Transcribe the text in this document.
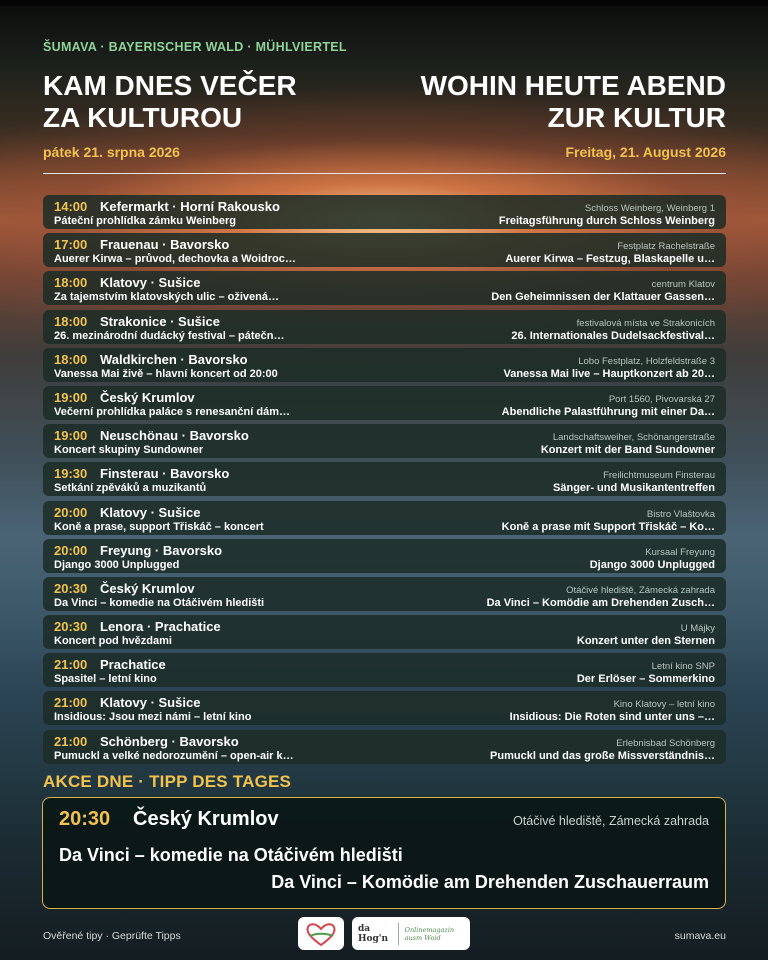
ŠUMAVA · BAYERISCHER WALD · MÜHLVIERTEL
KAM DNES VEČER
ZA KULTUROU
WOHIN HEUTE ABEND
ZUR KULTUR
pátek 21. srpna 2026	Freitag, 21. August 2026
14:00 Kefermarkt · Horní Rakousko	Schloss Weinberg, Weinberg 1
Páteční prohlídka zámku Weinberg	Freitagsführung durch Schloss Weinberg
17:00 Frauenau · Bavorsko	Festplatz Rachelstraße
Auerer Kirwa – průvod, dechovka a Woidroc…	Auerer Kirwa – Festzug, Blaskapelle u…
18:00 Klatovy · Sušice	centrum Klatov
Za tajemstvím klatovských ulic – oživená…	Den Geheimnissen der Klattauer Gassen…
18:00 Strakonice · Sušice	festivalová místa ve Strakonicích
26. mezinárodní dudácký festival – pátečn…	26. Internationales Dudelsackfestival…
18:00 Waldkirchen · Bavorsko	Lobo Festplatz, Holzfeldstraße 3
Vanessa Mai živě – hlavní koncert od 20:00	Vanessa Mai live – Hauptkonzert ab 20…
19:00 Český Krumlov	Port 1560, Pivovarská 27
Večerní prohlídka paláce s renesanční dám…	Abendliche Palastführung mit einer Da…
19:00 Neuschönau · Bavorsko	Landschaftsweiher, Schönangerstraße
Koncert skupiny Sundowner	Konzert mit der Band Sundowner
19:30 Finsterau · Bavorsko	Freilichtmuseum Finsterau
Setkání zpěváků a muzikantů	Sänger- und Musikantentreffen
20:00 Klatovy · Sušice	Bistro Vlaštovka
Koně a prase, support Třiskáč – koncert	Koně a prase mit Support Třiskáč – Ko…
20:00 Freyung · Bavorsko	Kursaal Freyung
Django 3000 Unplugged	Django 3000 Unplugged
20:30 Český Krumlov	Otáčivé hlediště, Zámecká zahrada
Da Vinci – komedie na Otáčivém hledišti	Da Vinci – Komödie am Drehenden Zusch…
20:30 Lenora · Prachatice	U Májky
Koncert pod hvězdami	Konzert unter den Sternen
21:00 Prachatice	Letní kino SNP
Spasitel – letní kino	Der Erlöser – Sommerkino
21:00 Klatovy · Sušice	Kino Klatovy – letní kino
Insidious: Jsou mezi námi – letní kino	Insidious: Die Roten sind unter uns –…
21:00 Schönberg · Bavorsko	Erlebnisbad Schönberg
Pumuckl a velké nedorozumění – open-air k…	Pumuckl und das große Missverständnis…
AKCE DNE · TIPP DES TAGES
20:30 Český Krumlov	Otáčivé hlediště, Zámecká zahrada
Da Vinci – komedie na Otáčivém hledišti
Da Vinci – Komödie am Drehenden Zuschauerraum
Ověřené tipy · Geprüfte Tipps
da Hog'n
Onlinemagazin ausm Woid	sumava.eu
